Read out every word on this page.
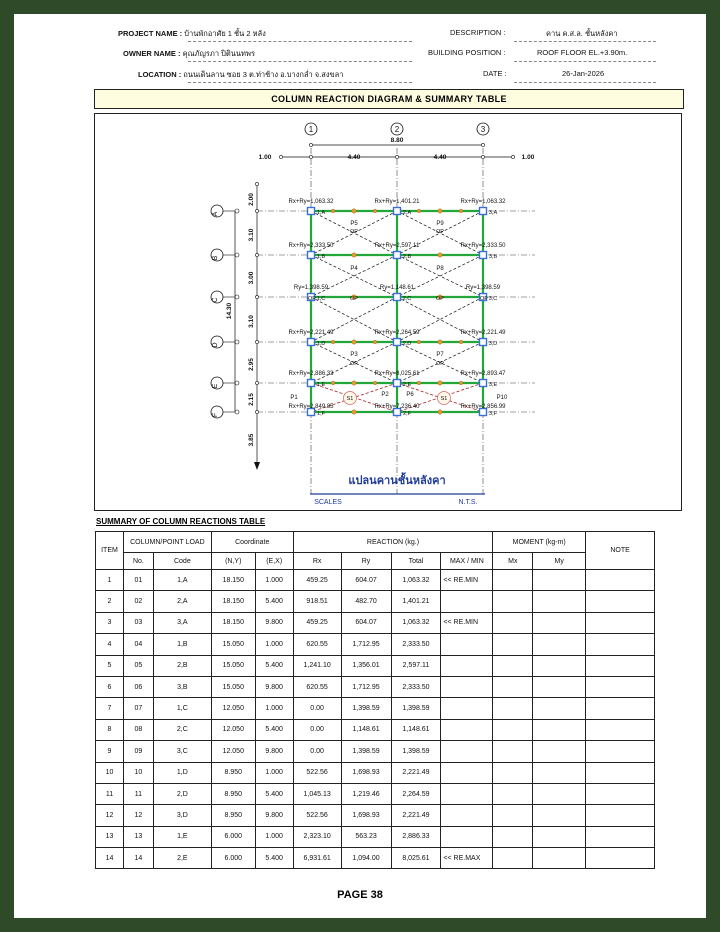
PROJECT NAME : บ้านพักอาศัย 1 ชั้น 2 หลัง
OWNER NAME : คุณภัญรภา ปิตินนทพร
LOCATION : ถนนเดินลาน ซอย 3 ต.ท่าช้าง อ.บางกล่ำ จ.สงขลา
DESCRIPTION :	คาน ค.ส.ล. ชั้นหลังคา
BUILDING POSITION :	ROOF FLOOR EL.+3.90m.
DATE :	26-Jan-2026
COLUMN REACTION DIAGRAM & SUMMARY TABLE
1	2	3
A
B
C
D
E
F
8.80
1.00	4.40	4.40	1.00
2.00
3.10
3.00
3.10
2.95
2.15
3.85
14.30
S1	S1
1,A	2,A	3,A
1,B	2,B	3,B
1,C	2,C	3,C
1,D	2,D	3,D
1,E	2,E	3,E
1,F	2,F	3,F
Rx+Ry=1,063.32	Rx+Ry=1,401.21	Rx+Ry=1,063.32
Rx+Ry=2,333.50	Rx+Ry=2,597.11	Rx+Ry=2,333.50
Ry=1,398.59	Ry=1,148.61	Ry=1,398.59
Rx+Ry=2,221.49	Rx+Ry=2,264.59	Rx+Ry=2,221.49
Rx+Ry=2,886.33	Rx+Ry=8,025.61	Rx+Ry=2,893.47
Rx+Ry=2,849.85	Rx+Ry=7,236.40	Rx+Ry=2,856.99
P5	P9
P4	P8
P3	P7
P1	P2	P6	P10
OP	OP
OP	OP
OP	OP
OP	OP
แปลนคานชั้นหลังคา
SCALES	N.T.S.
SUMMARY OF COLUMN REACTIONS TABLE
ITEM	COLUMN/POINT LOAD		Coordinate		REACTION (kg.)				MOMENT (kg-m)		NOTE
	No.	Code	(N,Y)	(E,X)	Rx	Ry	Total	MAX / MIN	Mx	My	
1	01	1,A	18.150	1.000	459.25	604.07	1,063.32	<< RE.MIN			
2	02	2,A	18.150	5.400	918.51	482.70	1,401.21				
3	03	3,A	18.150	9.800	459.25	604.07	1,063.32	<< RE.MIN			
4	04	1,B	15.050	1.000	620.55	1,712.95	2,333.50				
5	05	2,B	15.050	5.400	1,241.10	1,356.01	2,597.11				
6	06	3,B	15.050	9.800	620.55	1,712.95	2,333.50				
7	07	1,C	12.050	1.000	0.00	1,398.59	1,398.59				
8	08	2,C	12.050	5.400	0.00	1,148.61	1,148.61				
9	09	3,C	12.050	9.800	0.00	1,398.59	1,398.59				
10	10	1,D	8.950	1.000	522.56	1,698.93	2,221.49				
11	11	2,D	8.950	5.400	1,045.13	1,219.46	2,264.59				
12	12	3,D	8.950	9.800	522.56	1,698.93	2,221.49				
13	13	1,E	6.000	1.000	2,323.10	563.23	2,886.33				
14	14	2,E	6.000	5.400	6,931.61	1,094.00	8,025.61	<< RE.MAX			
PAGE 38
